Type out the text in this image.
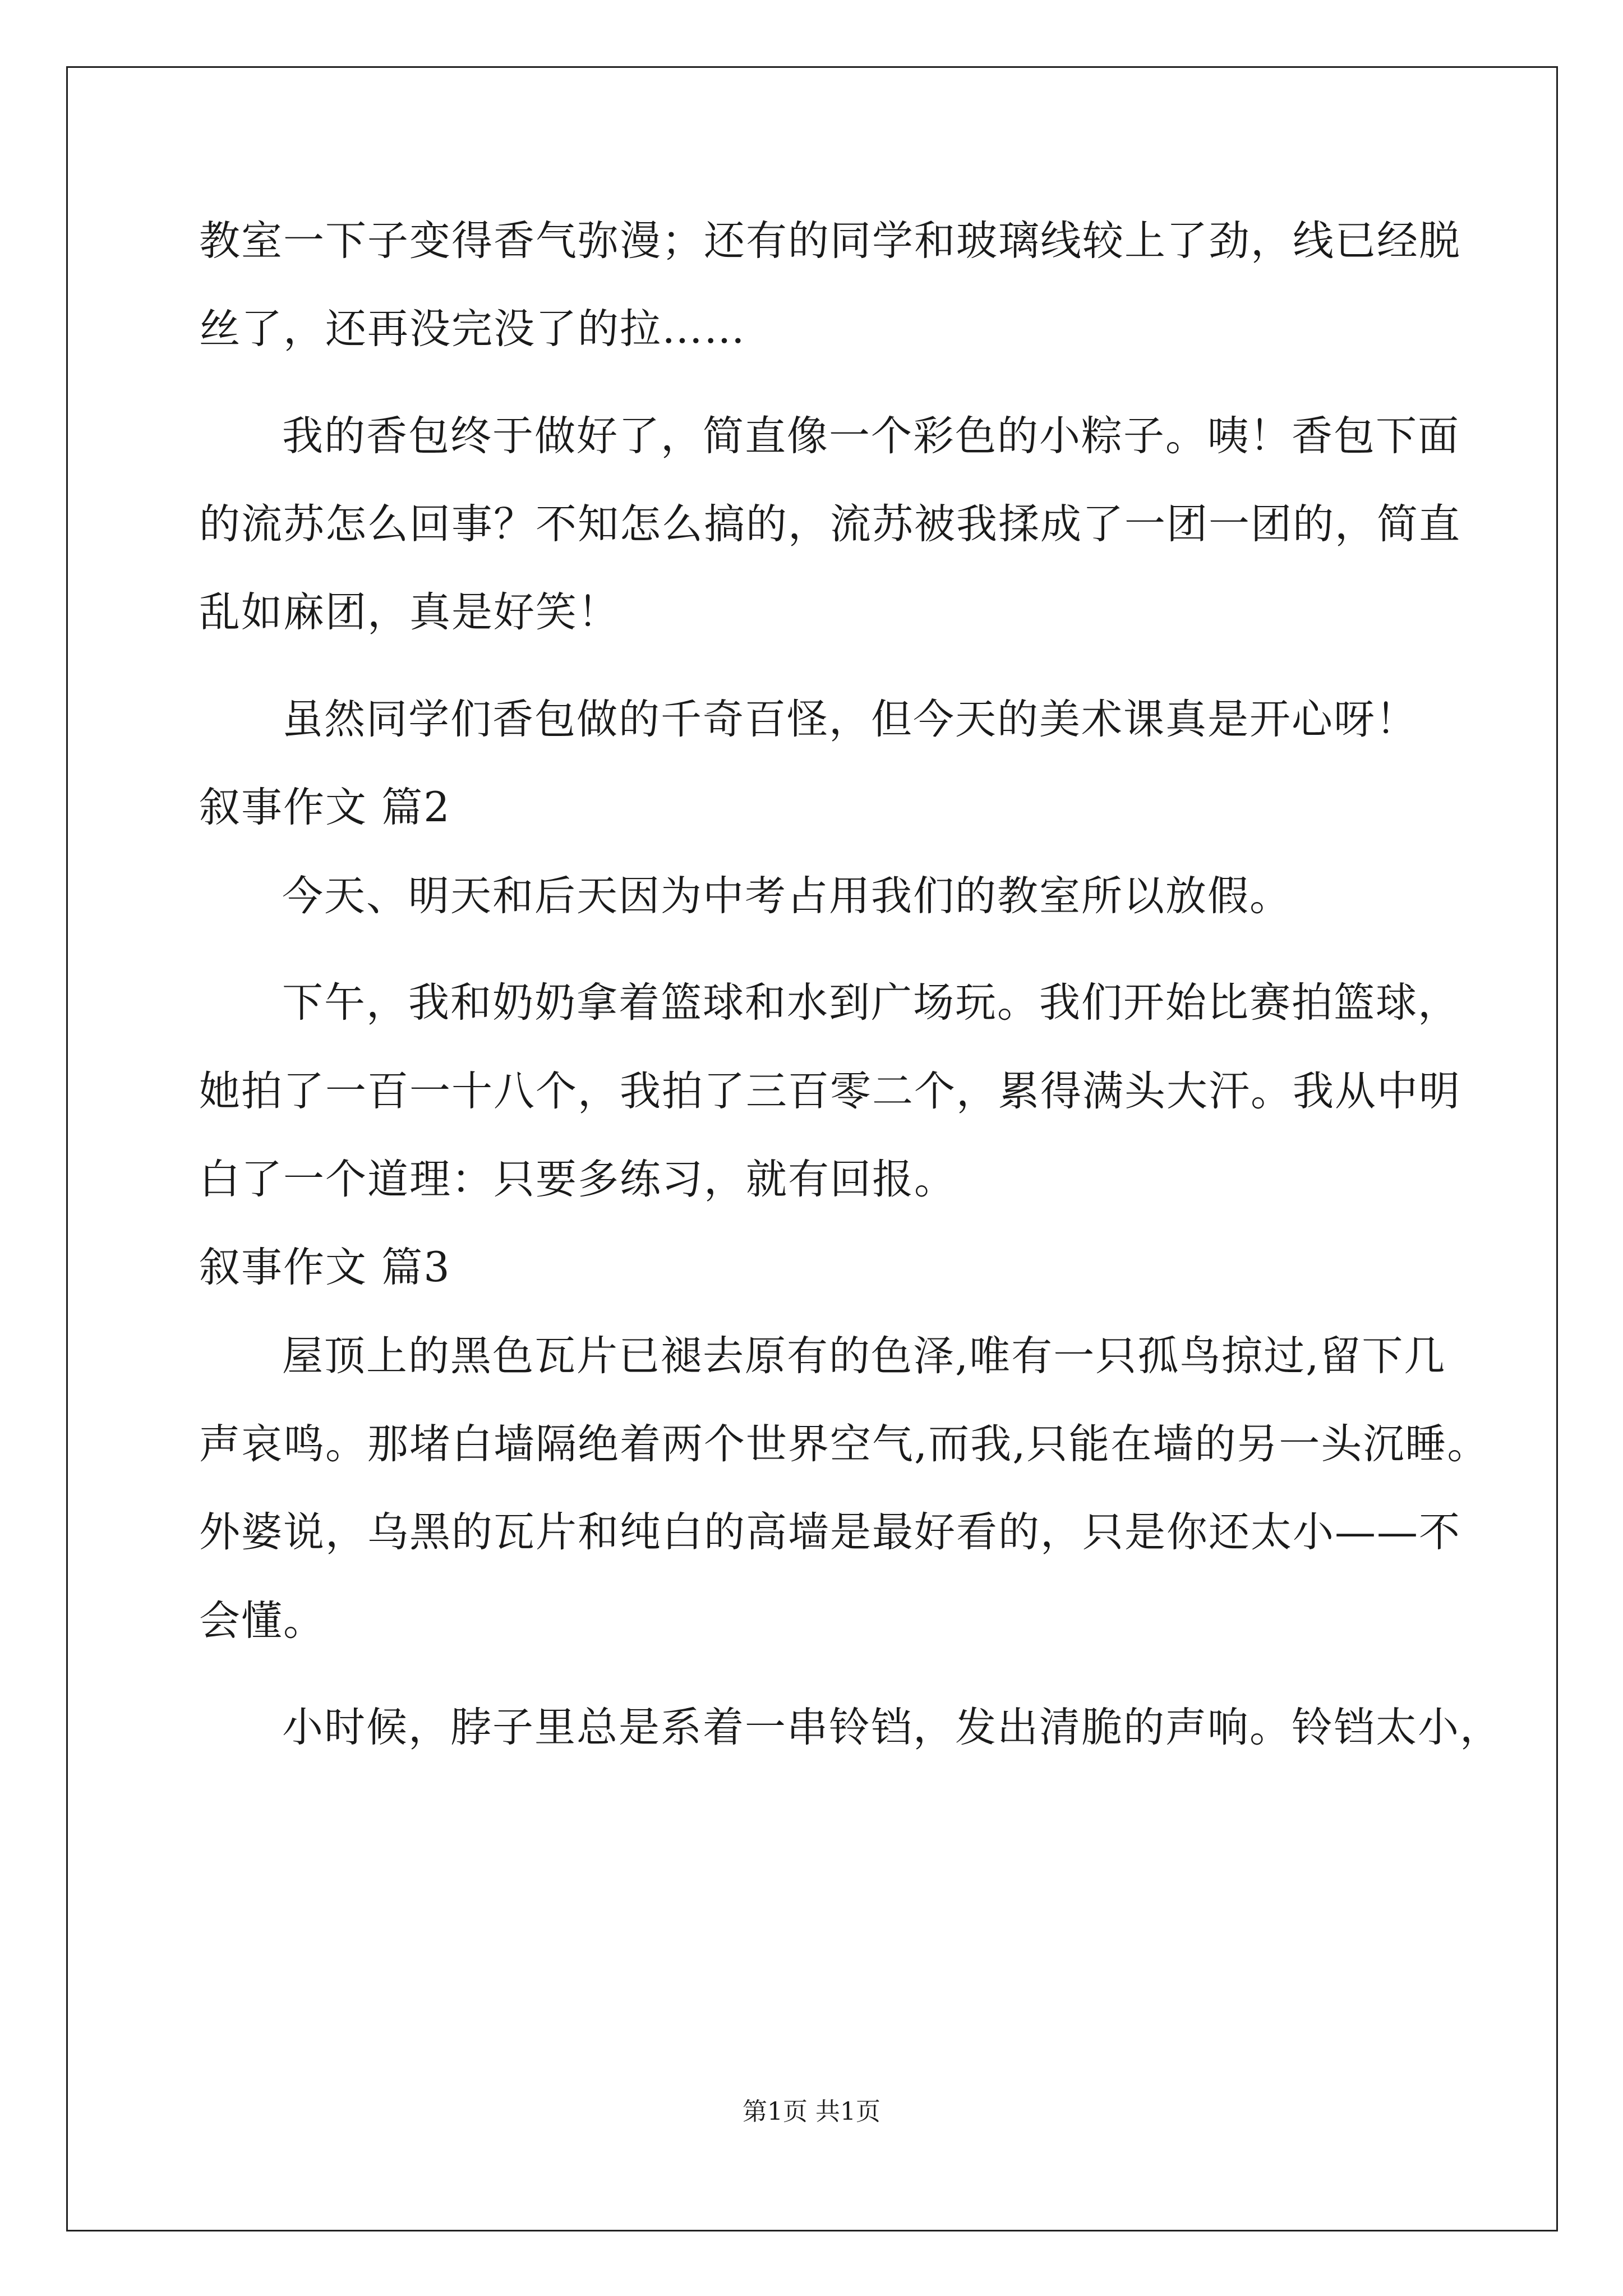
教室一下子变得香气弥漫；还有的同学和玻璃线较上了劲，线已经脱
丝了，还再没完没了的拉……
我的香包终于做好了，简直像一个彩色的小粽子。咦！香包下面
的流苏怎么回事？不知怎么搞的，流苏被我揉成了一团一团的，简直
乱如麻团，真是好笑！
虽然同学们香包做的千奇百怪，但今天的美术课真是开心呀！
叙事作文 篇2
今天、明天和后天因为中考占用我们的教室所以放假。
下午，我和奶奶拿着篮球和水到广场玩。我们开始比赛拍篮球，
她拍了一百一十八个，我拍了三百零二个，累得满头大汗。我从中明
白了一个道理：只要多练习，就有回报。
叙事作文 篇3
屋顶上的黑色瓦片已褪去原有的色泽,唯有一只孤鸟掠过,留下几
声哀鸣。那堵白墙隔绝着两个世界空气,而我,只能在墙的另一头沉睡。
外婆说，乌黑的瓦片和纯白的高墙是最好看的，只是你还太小——不
会懂。
小时候，脖子里总是系着一串铃铛，发出清脆的声响。铃铛太小，
第1页 共1页
